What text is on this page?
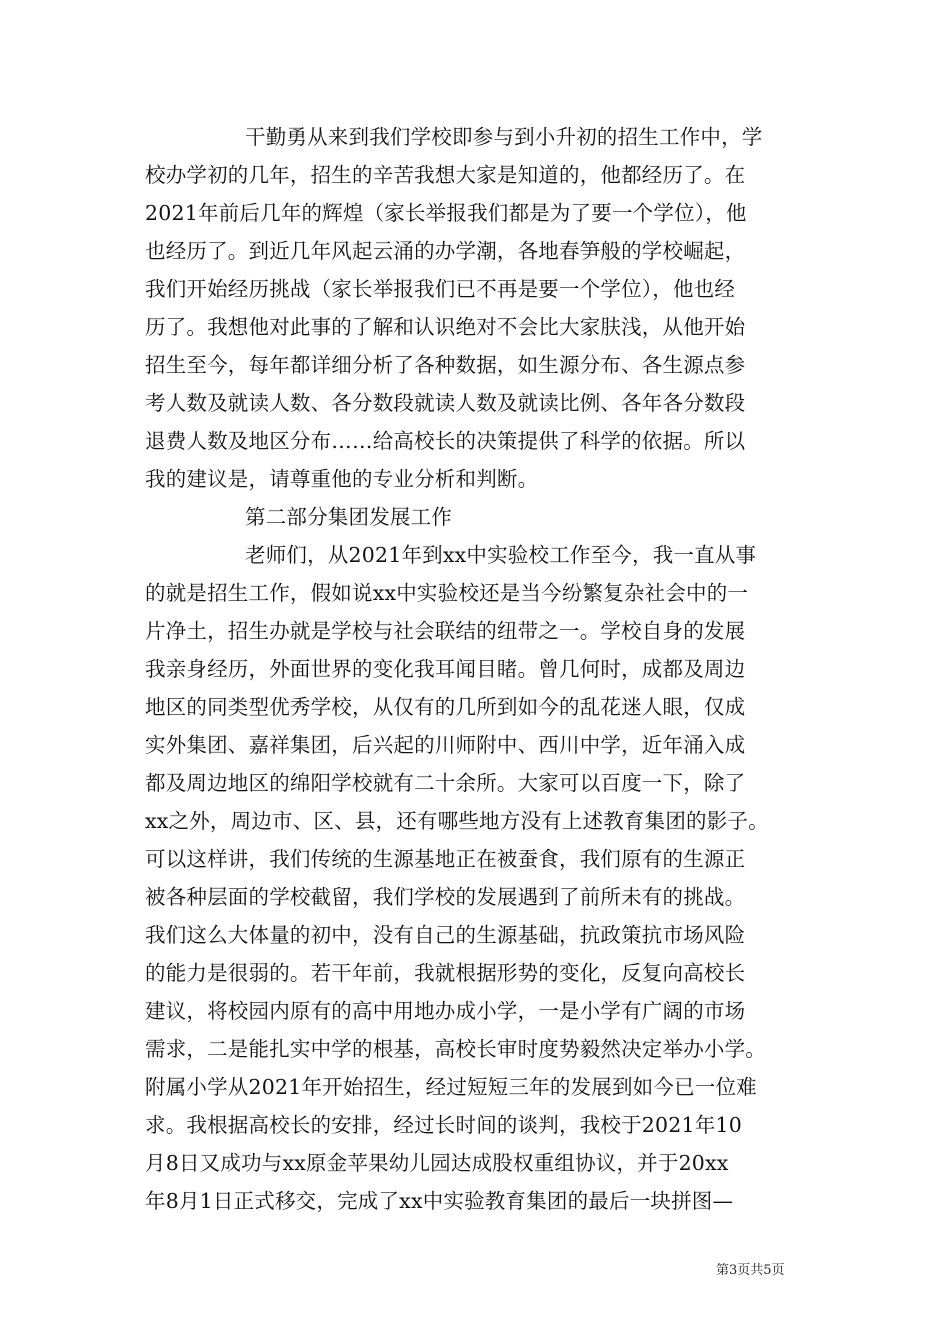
干勤勇从来到我们学校即参与到小升初的招生工作中，学
校办学初的几年，招生的辛苦我想大家是知道的，他都经历了。在
2021年前后几年的辉煌（家长举报我们都是为了要一个学位），他
也经历了。到近几年风起云涌的办学潮，各地春笋般的学校崛起，
我们开始经历挑战（家长举报我们已不再是要一个学位），他也经
历了。我想他对此事的了解和认识绝对不会比大家肤浅，从他开始
招生至今，每年都详细分析了各种数据，如生源分布、各生源点参
考人数及就读人数、各分数段就读人数及就读比例、各年各分数段
退费人数及地区分布……给高校长的决策提供了科学的依据。所以
我的建议是，请尊重他的专业分析和判断。
第二部分集团发展工作
老师们，从2021年到xx中实验校工作至今，我一直从事
的就是招生工作，假如说xx中实验校还是当今纷繁复杂社会中的一
片净土，招生办就是学校与社会联结的纽带之一。学校自身的发展
我亲身经历，外面世界的变化我耳闻目睹。曾几何时，成都及周边
地区的同类型优秀学校，从仅有的几所到如今的乱花迷人眼，仅成
实外集团、嘉祥集团，后兴起的川师附中、西川中学，近年涌入成
都及周边地区的绵阳学校就有二十余所。大家可以百度一下，除了
xx之外，周边市、区、县，还有哪些地方没有上述教育集团的影子。
可以这样讲，我们传统的生源基地正在被蚕食，我们原有的生源正
被各种层面的学校截留，我们学校的发展遇到了前所未有的挑战。
我们这么大体量的初中，没有自己的生源基础，抗政策抗市场风险
的能力是很弱的。若干年前，我就根据形势的变化，反复向高校长
建议，将校园内原有的高中用地办成小学，一是小学有广阔的市场
需求，二是能扎实中学的根基，高校长审时度势毅然决定举办小学。
附属小学从2021年开始招生，经过短短三年的发展到如今已一位难
求。我根据高校长的安排，经过长时间的谈判，我校于2021年10
月8日又成功与xx原金苹果幼儿园达成股权重组协议，并于20xx
年8月1日正式移交，完成了xx中实验教育集团的最后一块拼图—
第3页共5页
